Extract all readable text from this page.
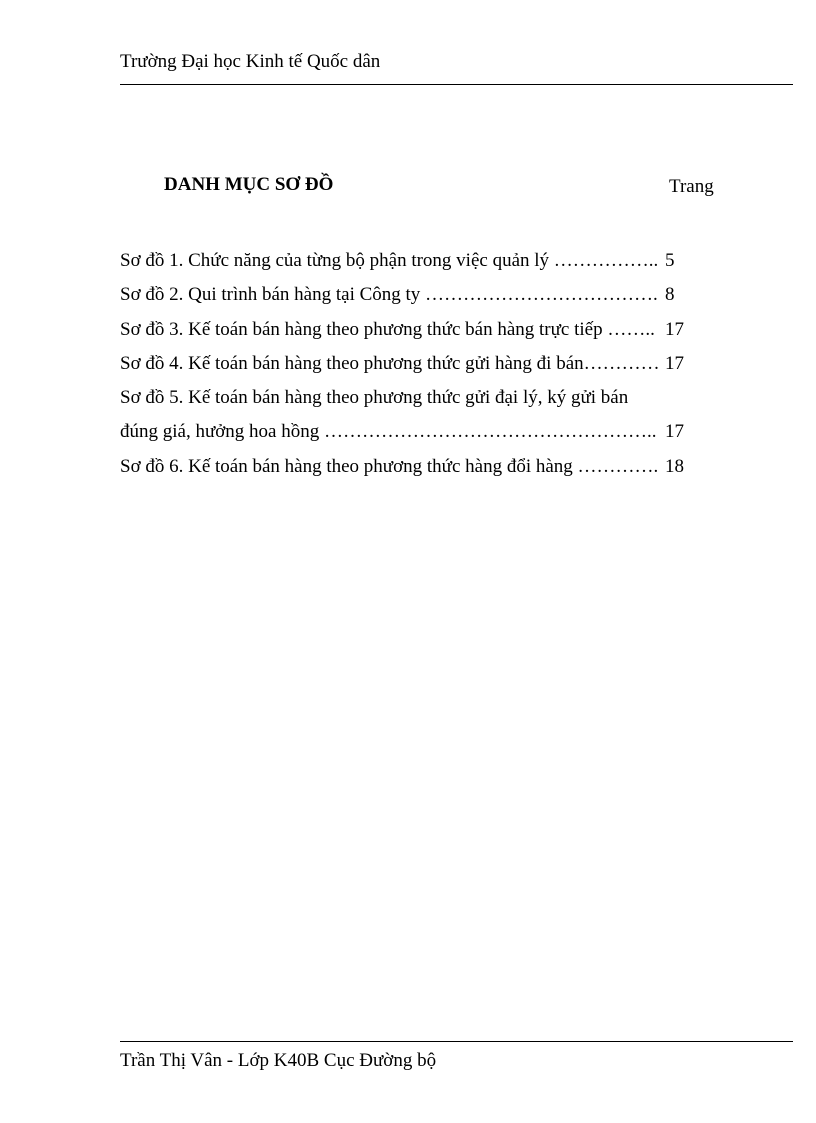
Trường Đại học Kinh tế Quốc dân
DANH MỤC SƠ ĐỒ	Trang
Sơ đồ 1. Chức năng của từng bộ phận trong việc quản lý …………….. 5
Sơ đồ 2. Qui trình bán hàng tại Công ty ………………………………. 8
Sơ đồ 3. Kế toán bán hàng theo phương thức bán hàng trực tiếp …….. 17
Sơ đồ 4. Kế toán bán hàng theo phương thức gửi hàng đi bán………… 17
Sơ đồ 5. Kế toán bán hàng theo phương thức gửi đại lý, ký gửi bán
đúng giá, hưởng hoa hồng …………………………………………….. 17
Sơ đồ 6. Kế toán bán hàng theo phương thức hàng đổi hàng …………. 18
Trần Thị Vân - Lớp K40B Cục Đường bộ
